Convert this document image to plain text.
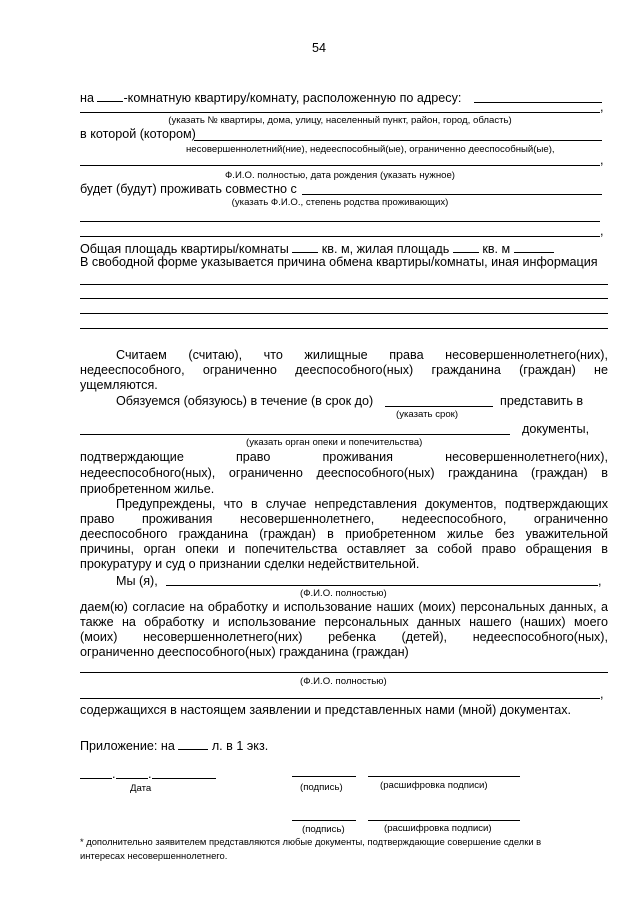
54
на -комнатную квартиру/комнату, расположенную по адресу:
,
(указать № квартиры, дома, улицу, населенный пункт, район, город, область)
в которой (котором)
несовершеннолетний(ние), недееспособный(ые), ограниченно дееспособный(ые),
,
Ф.И.О. полностью, дата рождения (указать нужное)
будет (будут) проживать совместно с
(указать Ф.И.О., степень родства проживающих)
,
Общая площадь квартиры/комнаты	кв. м, жилая площадь	кв. м
В свободной форме указывается причина обмена квартиры/комнаты, иная информация
Считаем (считаю), что жилищные права несовершеннолетнего(них),
недееспособного, ограниченно дееспособного(ных) гражданина (граждан) не
ущемляются.
Обязуемся (обязуюсь) в течение (в срок до)	представить в
(указать срок)
документы,
(указать орган опеки и попечительства)
подтверждающие право проживания несовершеннолетнего(них),
недееспособного(ных), ограниченно дееспособного(ных) гражданина (граждан) в
приобретенном жилье.
Предупреждены, что в случае непредставления документов, подтверждающих
право проживания несовершеннолетнего, недееспособного, ограниченно
дееспособного гражданина (граждан) в приобретенном жилье без уважительной
причины, орган опеки и попечительства оставляет за собой право обращения в
прокуратуру и суд о признании сделки недействительной.
Мы (я),	,
(Ф.И.О. полностью)
даем(ю) согласие на обработку и использование наших (моих) персональных данных, а
также на обработку и использование персональных данных нашего (наших) моего
(моих) несовершеннолетнего(них) ребенка (детей), недееспособного(ных),
ограниченно дееспособного(ных) гражданина (граждан)
(Ф.И.О. полностью)
,
содержащихся в настоящем заявлении и представленных нами (мной) документах.
Приложение: на	л. в 1 экз.
.	.
Дата	(подпись)	(расшифровка подписи)
(подпись)	(расшифровка подписи)
* дополнительно заявителем представляются любые документы, подтверждающие совершение сделки в
интересах несовершеннолетнего.
